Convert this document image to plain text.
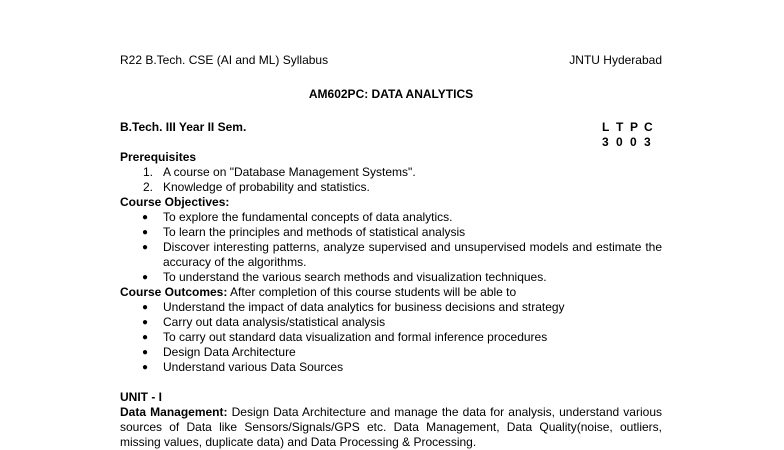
R22 B.Tech. CSE (AI and ML) Syllabus	JNTU Hyderabad
AM602PC: DATA ANALYTICS
B.Tech. III Year II Sem.	L T P C
3 0 0 3
Prerequisites
1. A course on "Database Management Systems".
2. Knowledge of probability and statistics.
Course Objectives:
● To explore the fundamental concepts of data analytics.
● To learn the principles and methods of statistical analysis
● Discover interesting patterns, analyze supervised and unsupervised models and estimate the accuracy of the algorithms.
● To understand the various search methods and visualization techniques.
Course Outcomes: After completion of this course students will be able to
● Understand the impact of data analytics for business decisions and strategy
● Carry out data analysis/statistical analysis
● To carry out standard data visualization and formal inference procedures
● Design Data Architecture
● Understand various Data Sources
UNIT - I
Data Management: Design Data Architecture and manage the data for analysis, understand various sources of Data like Sensors/Signals/GPS etc. Data Management, Data Quality(noise, outliers, missing values, duplicate data) and Data Processing & Processing.
